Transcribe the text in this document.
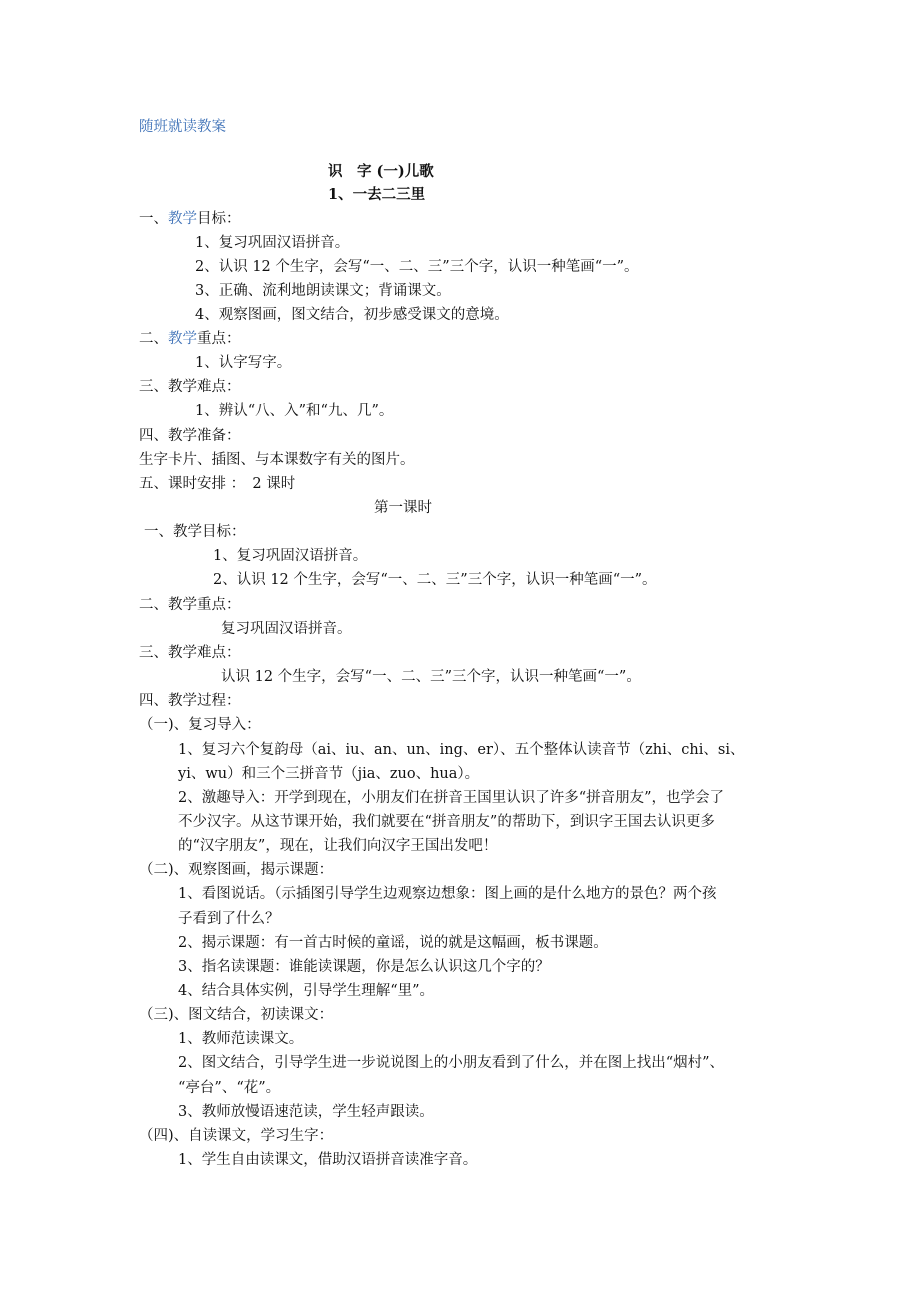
随班就读教案
识　字 (一)儿歌
1、一去二三里
一、教学目标：
1、复习巩固汉语拼音。
2、认识 12 个生字，会写“一、二、三”三个字，认识一种笔画“一”。
3、正确、流利地朗读课文；背诵课文。
4、观察图画，图文结合，初步感受课文的意境。
二、教学重点：
1、认字写字。
三、教学难点：
1、辨认“八、入”和“九、几”。
四、教学准备：
生字卡片、插图、与本课数字有关的图片。
五、课时安排 ：　2 课时
第一课时
一、教学目标：
1、复习巩固汉语拼音。
2、认识 12 个生字，会写“一、二、三”三个字，认识一种笔画“一”。
二、教学重点：
复习巩固汉语拼音。
三、教学难点：
认识 12 个生字，会写“一、二、三”三个字，认识一种笔画“一”。
四、教学过程：
（一)、复习导入：
1、复习六个复韵母（ai、iu、an、un、ing、er）、五个整体认读音节（zhi、chi、si、
yi、wu）和三个三拼音节（jia、zuo、hua）。
2、激趣导入：开学到现在，小朋友们在拼音王国里认识了许多“拼音朋友”，也学会了
不少汉字。从这节课开始，我们就要在“拼音朋友”的帮助下，到识字王国去认识更多
的“汉字朋友”，现在，让我们向汉字王国出发吧！
（二)、观察图画，揭示课题：
1、看图说话。（示插图引导学生边观察边想象：图上画的是什么地方的景色？两个孩
子看到了什么？
2、揭示课题：有一首古时候的童谣，说的就是这幅画，板书课题。
3、指名读课题：谁能读课题，你是怎么认识这几个字的？
4、结合具体实例，引导学生理解“里”。
（三)、图文结合，初读课文：
1、教师范读课文。
2、图文结合，引导学生进一步说说图上的小朋友看到了什么，并在图上找出“烟村”、
“亭台”、“花”。
3、教师放慢语速范读，学生轻声跟读。
（四)、自读课文，学习生字：
1、学生自由读课文，借助汉语拼音读准字音。
